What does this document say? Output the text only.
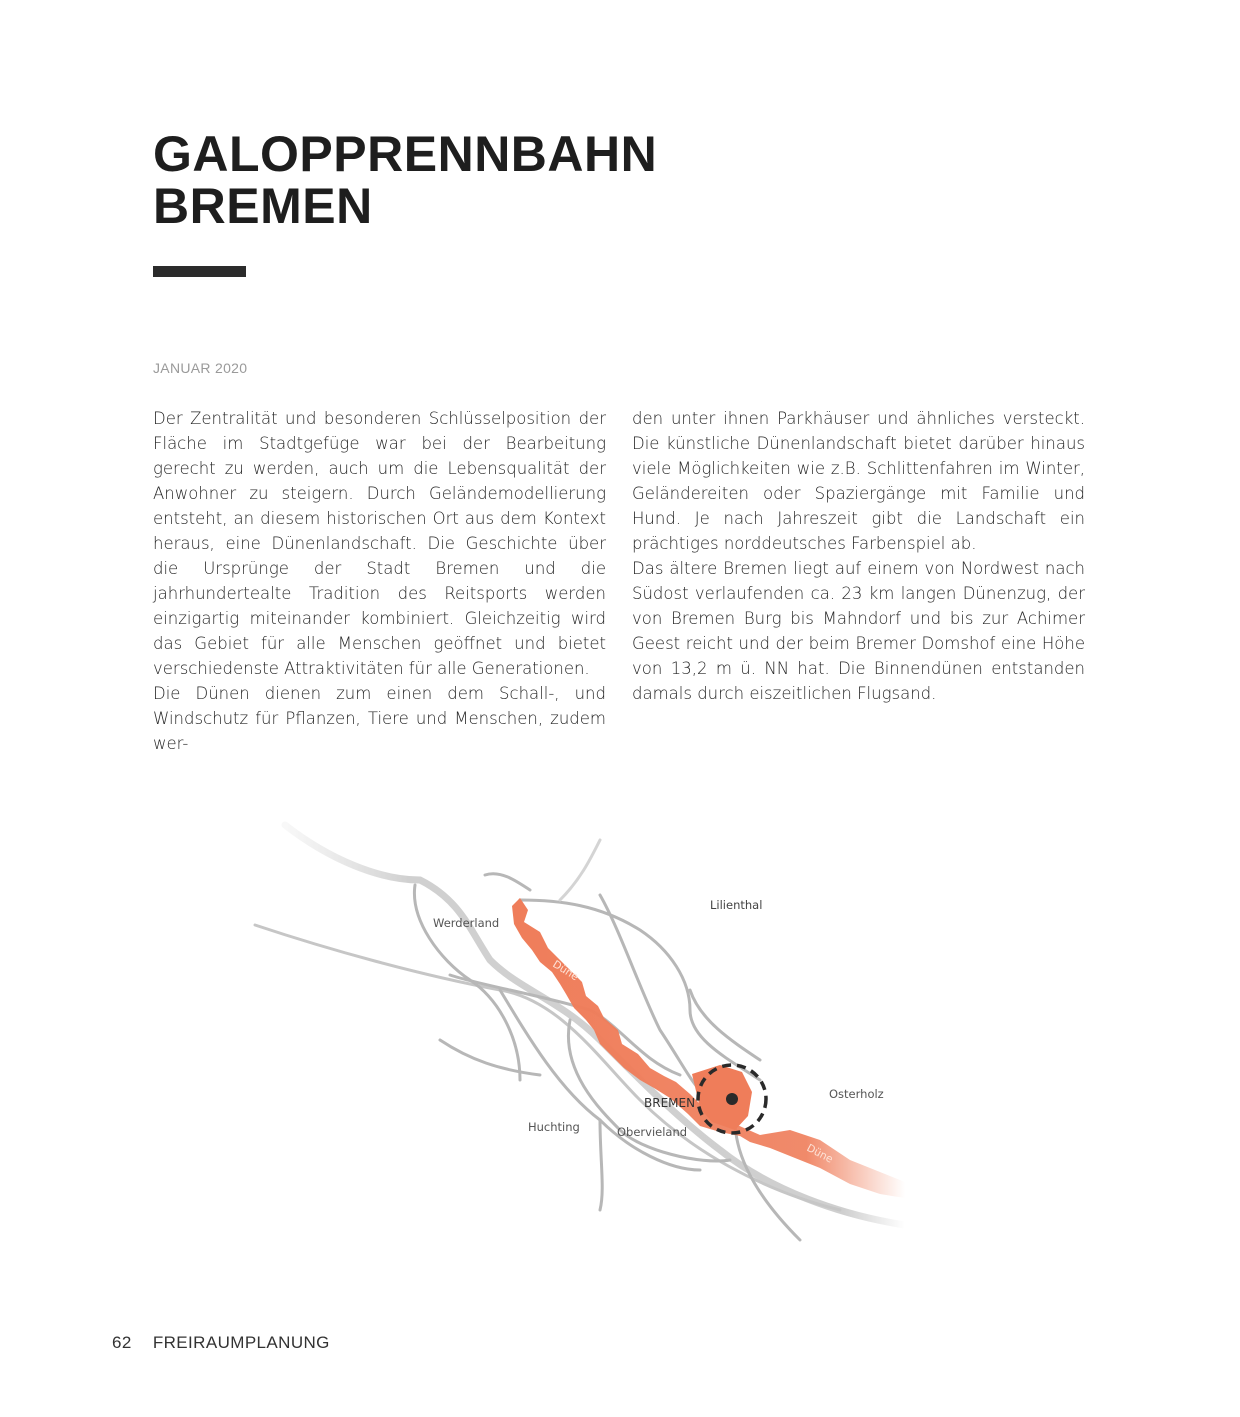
GALOPPRENNBAHN
BREMEN
JANUAR 2020

Der Zentralität und besonderen Schlüsselposition der Fläche im Stadtgefüge war bei der Bearbeitung gerecht zu werden, auch um die Lebensqualität der Anwohner zu steigern. Durch Geländemodellierung entsteht, an diesem historischen Ort aus dem Kontext heraus, eine Dünenlandschaft. Die Geschichte über die Ursprünge der Stadt Bremen und die jahrhundertealte Tradition des Reitsports werden einzigartig miteinander kombiniert. Gleichzeitig wird das Gebiet für alle Menschen geöffnet und bietet verschiedenste Attraktivitäten für alle Generationen.

Die Dünen dienen zum einen dem Schall-, und Windschutz für Pflanzen, Tiere und Menschen, zudem wer-

den unter ihnen Parkhäuser und ähnliches versteckt. Die künstliche Dünenlandschaft bietet darüber hinaus viele Möglichkeiten wie z.B. Schlittenfahren im Winter, Geländereiten oder Spaziergänge mit Familie und Hund. Je nach Jahreszeit gibt die Landschaft ein prächtiges norddeutsches Farbenspiel ab.

Das ältere Bremen liegt auf einem von Nordwest nach Südost verlaufenden ca. 23 km langen Dünenzug, der von Bremen Burg bis Mahndorf und bis zur Achimer Geest reicht und der beim Bremer Domshof eine Höhe von 13,2 m ü. NN hat. Die Binnendünen entstanden damals durch eiszeitlichen Flugsand.

Werderland
Lilienthal
Osterholz
BREMEN
Huchting	Obervieland
Düne
Düne
62 FREIRAUMPLANUNG
